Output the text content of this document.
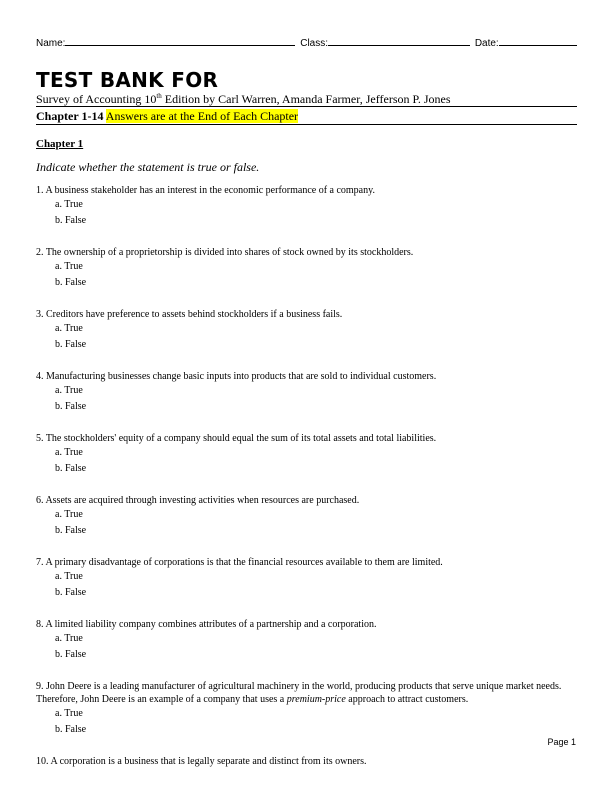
Name:	Class:	Date:
TEST BANK FOR
Survey of Accounting 10th Edition by Carl Warren, Amanda Farmer, Jefferson P. Jones
Chapter 1-14 Answers are at the End of Each Chapter
Chapter 1
Indicate whether the statement is true or false.
1. A business stakeholder has an interest in the economic performance of a company.
a. True
b. False
2. The ownership of a proprietorship is divided into shares of stock owned by its stockholders.
a. True
b. False
3. Creditors have preference to assets behind stockholders if a business fails.
a. True
b. False
4. Manufacturing businesses change basic inputs into products that are sold to individual customers.
a. True
b. False
5. The stockholders' equity of a company should equal the sum of its total assets and total liabilities.
a. True
b. False
6. Assets are acquired through investing activities when resources are purchased.
a. True
b. False
7. A primary disadvantage of corporations is that the financial resources available to them are limited.
a. True
b. False
8. A limited liability company combines attributes of a partnership and a corporation.
a. True
b. False
9. John Deere is a leading manufacturer of agricultural machinery in the world, producing products that serve unique market needs. Therefore, John Deere is an example of a company that uses a premium-price approach to attract customers.
a. True
b. False
10. A corporation is a business that is legally separate and distinct from its owners.
Page 1
